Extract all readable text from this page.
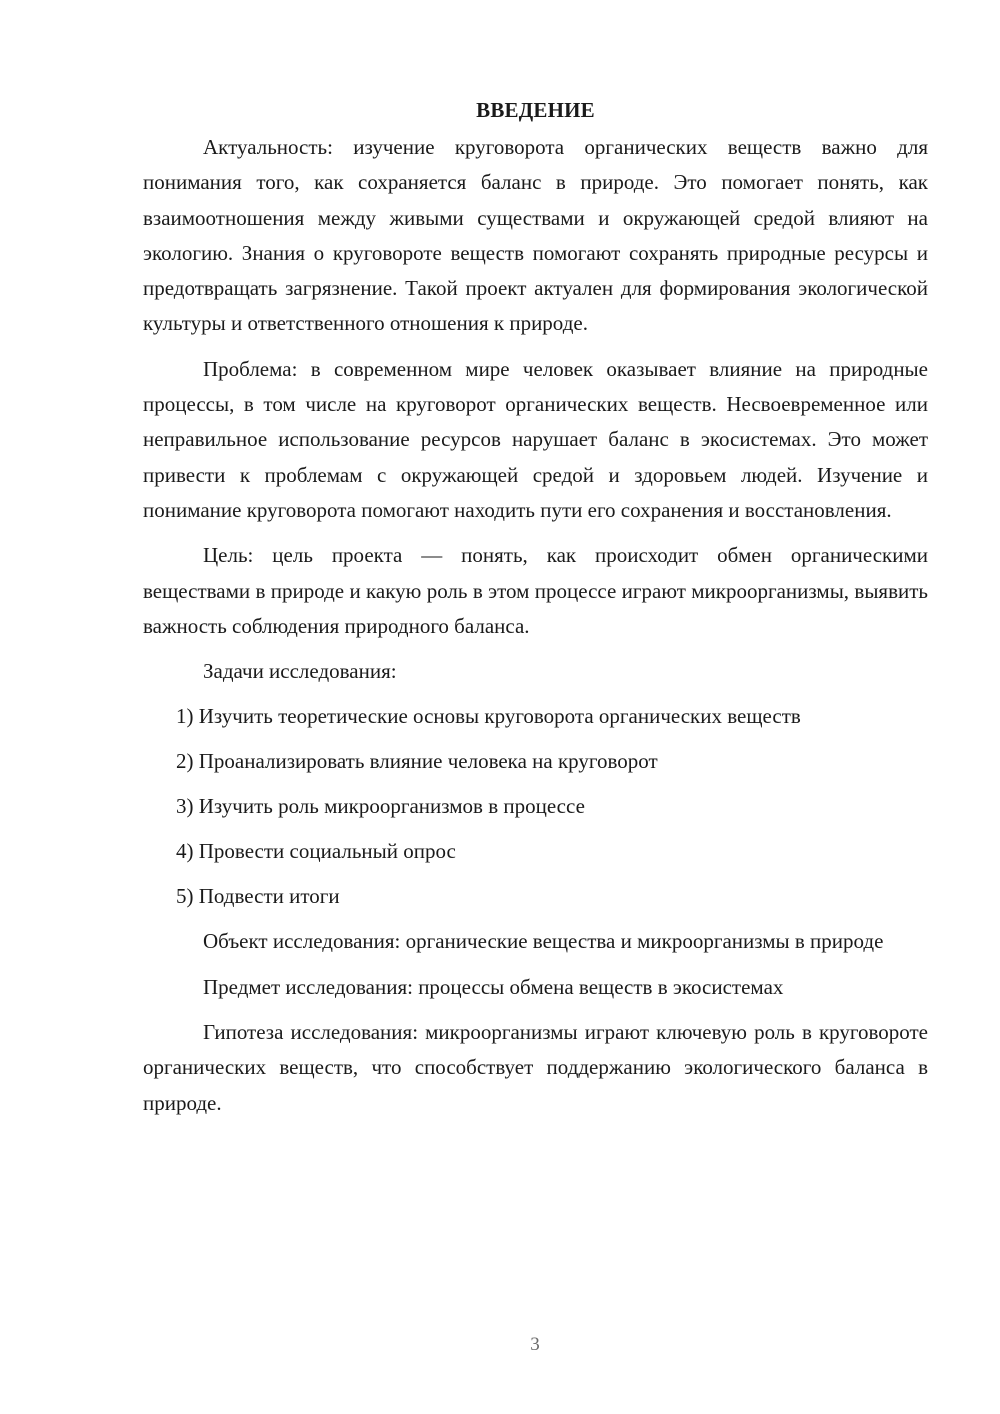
ВВЕДЕНИЕ

Актуальность: изучение круговорота органических веществ важно для понимания того, как сохраняется баланс в природе. Это помогает понять, как взаимоотношения между живыми существами и окружающей средой влияют на экологию. Знания о круговороте веществ помогают сохранять природные ресурсы и предотвращать загрязнение. Такой проект актуален для формирования экологической культуры и ответственного отношения к природе.

Проблема: в современном мире человек оказывает влияние на природные процессы, в том числе на круговорот органических веществ. Несвоевременное или неправильное использование ресурсов нарушает баланс в экосистемах. Это может привести к проблемам с окружающей средой и здоровьем людей. Изучение и понимание круговорота помогают находить пути его сохранения и восстановления.

Цель: цель проекта — понять, как происходит обмен органическими веществами в природе и какую роль в этом процессе играют микроорганизмы, выявить важность соблюдения природного баланса.

Задачи исследования:

1) Изучить теоретические основы круговорота органических веществ
2) Проанализировать влияние человека на круговорот
3) Изучить роль микроорганизмов в процессе
4) Провести социальный опрос
5) Подвести итоги

Объект исследования: органические вещества и микроорганизмы в природе

Предмет исследования: процессы обмена веществ в экосистемах

Гипотеза исследования: микроорганизмы играют ключевую роль в круговороте органических веществ, что способствует поддержанию экологического баланса в природе.

3
